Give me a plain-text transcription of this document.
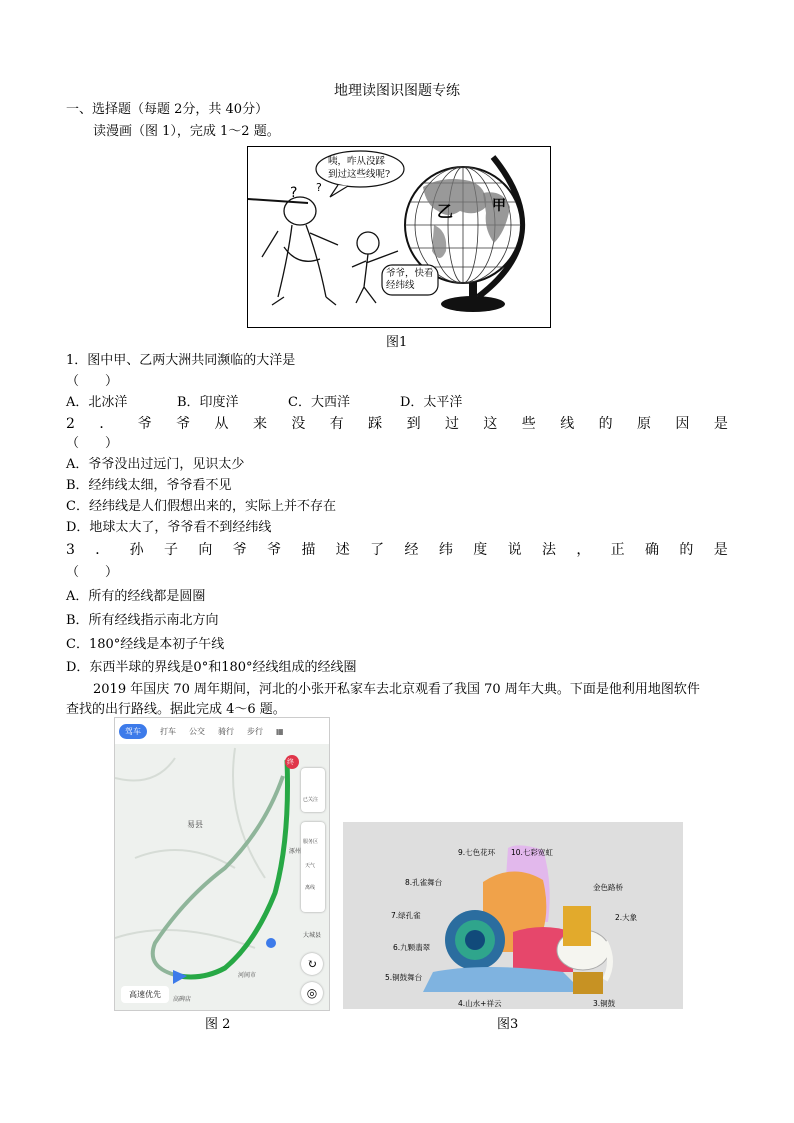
地理读图识图题专练
一、选择题（每题 2分，共 40分）
读漫画（图 1），完成 1～2 题。
? ?
咦，咋从没踩到过这些线呢?
爷爷，快看经纬线
乙	甲
图1
1．图中甲、乙两大洲共同濒临的大洋是
（　　）
A．北冰洋	B．印度洋	C．大西洋	D．太平洋
2 ． 爷 爷 从 来 没 有 踩 到 过 这 些 线 的 原 因 是
（　　）
A．爷爷没出过远门，见识太少
B．经纬线太细，爷爷看不见
C．经纬线是人们假想出来的，实际上并不存在
D．地球太大了，爷爷看不到经纬线
3 ． 孙 子 向 爷 爷 描 述 了 经 纬 度 说 法 ， 正 确 的 是
（　　）
A．所有的经线都是圆圈
B．所有经线指示南北方向
C．180°经线是本初子午线
D．东西半球的界线是0°和180°经线组成的经线圈
2019 年国庆 70 周年期间，河北的小张开私家车去北京观看了我国 70 周年大典。下面是他利用地图软件
查找的出行路线。据此完成 4～6 题。
驾车	打车 公交 骑行 步行 ▦
终
易县
涿州
大城县
河间市
高碑店
已关注
服务区
天气
离线
↻
◎
高速优先
图 2
9.七色花环 10.七彩宽虹
8.孔雀舞台
金色路桥
7.绿孔雀	2.大象
6.九颗翡翠
5.铜鼓舞台
4.山水+祥云	3.铜鼓
图3
